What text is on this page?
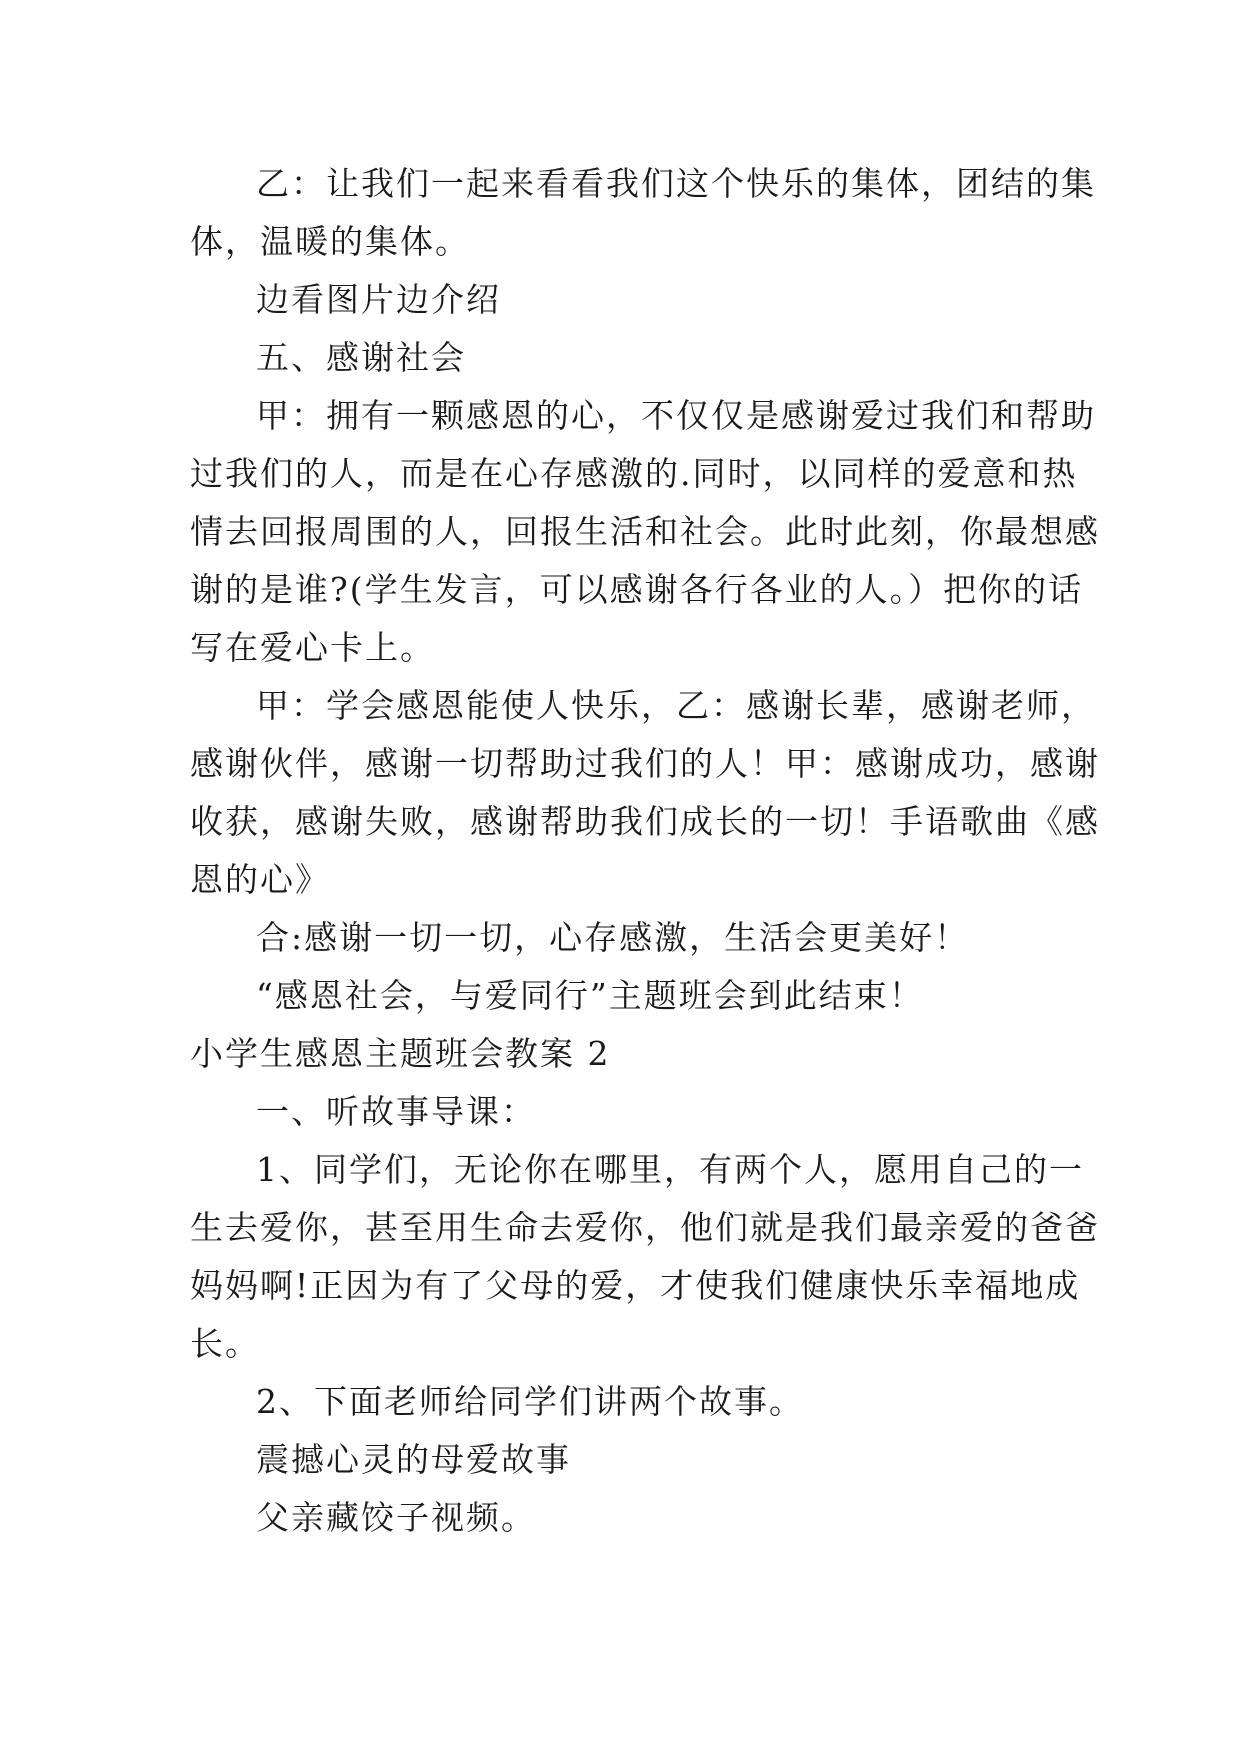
乙：让我们一起来看看我们这个快乐的集体，团结的集

体，温暖的集体。

边看图片边介绍

五、感谢社会

甲：拥有一颗感恩的心，不仅仅是感谢爱过我们和帮助

过我们的人，而是在心存感激的.同时，以同样的爱意和热

情去回报周围的人，回报生活和社会。此时此刻，你最想感

谢的是谁?(学生发言，可以感谢各行各业的人。）把你的话

写在爱心卡上。

甲：学会感恩能使人快乐，乙：感谢长辈，感谢老师，

感谢伙伴，感谢一切帮助过我们的人！甲：感谢成功，感谢

收获，感谢失败，感谢帮助我们成长的一切！手语歌曲《感

恩的心》

合:感谢一切一切，心存感激，生活会更美好！

“感恩社会，与爱同行”主题班会到此结束！

小学生感恩主题班会教案 2

一、听故事导课：

1、同学们，无论你在哪里，有两个人，愿用自己的一

生去爱你，甚至用生命去爱你，他们就是我们最亲爱的爸爸

妈妈啊!正因为有了父母的爱，才使我们健康快乐幸福地成

长。

2、下面老师给同学们讲两个故事。

震撼心灵的母爱故事

父亲藏饺子视频。
